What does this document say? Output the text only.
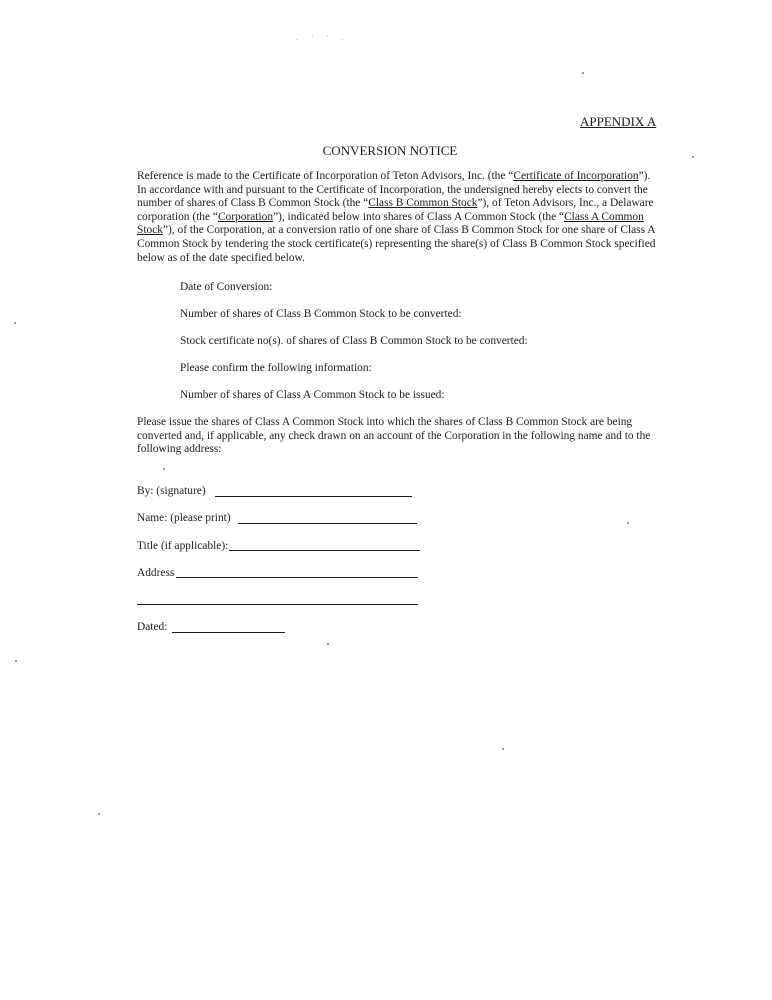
. ' ' .
APPENDIX A
CONVERSION NOTICE

Reference is made to the Certificate of Incorporation of Teton Advisors, Inc. (the “Certificate of Incorporation”). In accordance with and pursuant to the Certificate of Incorporation, the undersigned hereby elects to convert the number of shares of Class B Common Stock (the “Class B Common Stock”), of Teton Advisors, Inc., a Delaware corporation (the “Corporation”), indicated below into shares of Class A Common Stock (the “Class A Common Stock”), of the Corporation, at a conversion ratio of one share of Class B Common Stock for one share of Class A Common Stock by tendering the stock certificate(s) representing the share(s) of Class B Common Stock specified below as of the date specified below.

Date of Conversion:
Number of shares of Class B Common Stock to be converted:
Stock certificate no(s). of shares of Class B Common Stock to be converted:
Please confirm the following information:
Number of shares of Class A Common Stock to be issued:

Please issue the shares of Class A Common Stock into which the shares of Class B Common Stock are being converted and, if applicable, any check drawn on an account of the Corporation in the following name and to the following address:

By: (signature)
Name: (please print)
Title (if applicable):
Address
Dated:
